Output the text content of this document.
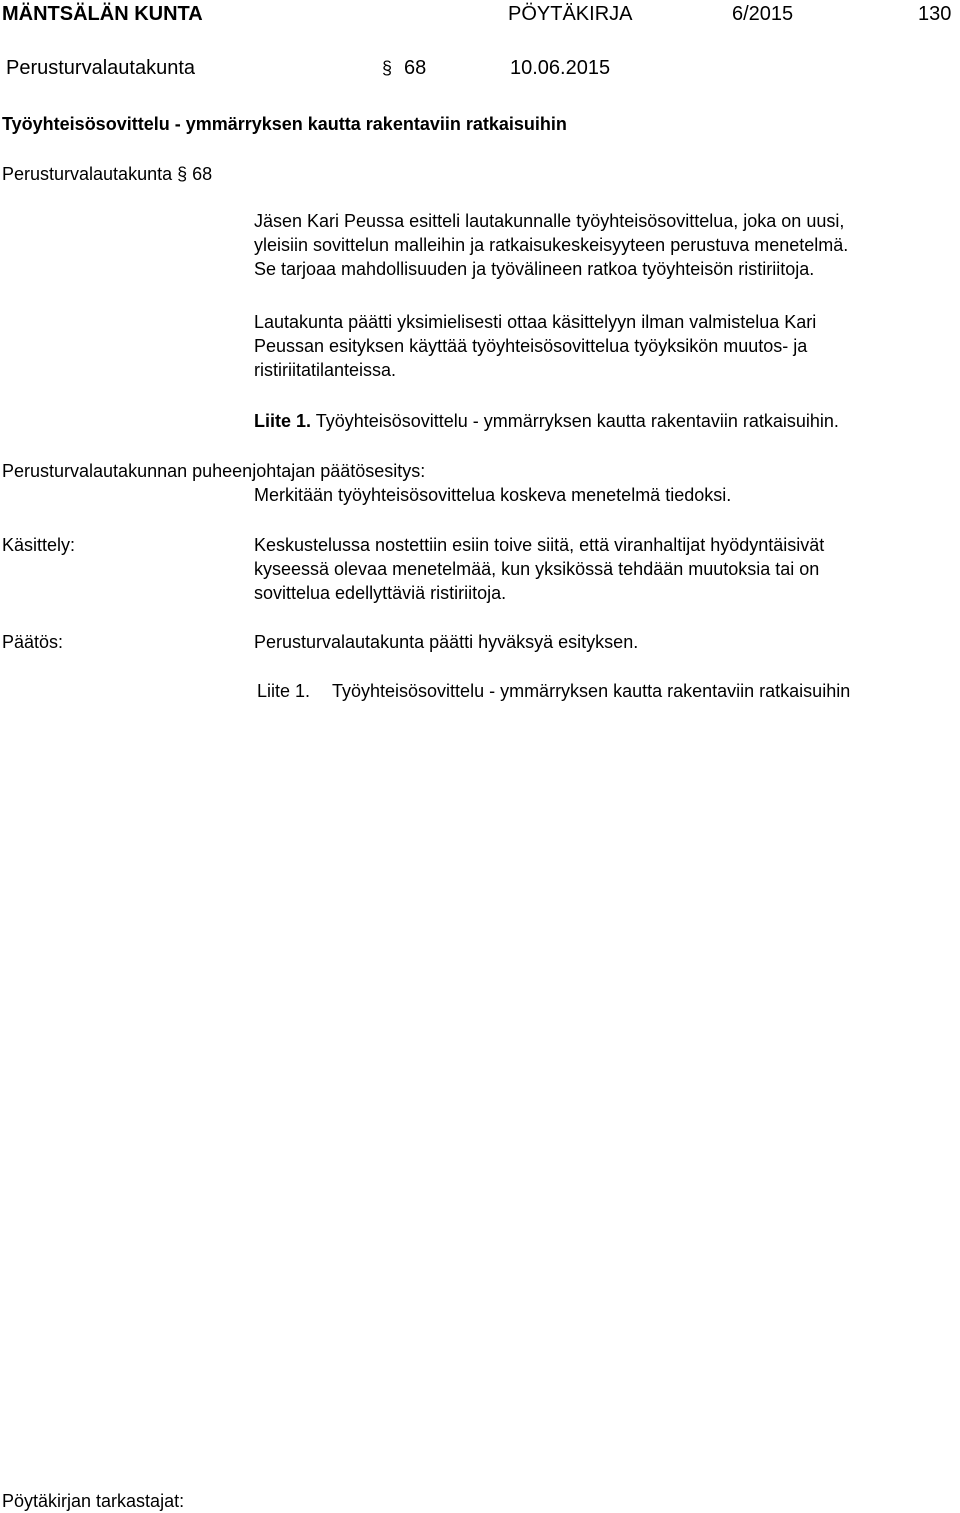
MÄNTSÄLÄN KUNTA	PÖYTÄKIRJA	6/2015	130
Perusturvalautakunta	§ 68	10.06.2015
Työyhteisösovittelu - ymmärryksen kautta rakentaviin ratkaisuihin
Perusturvalautakunta § 68
Jäsen Kari Peussa esitteli lautakunnalle työyhteisösovittelua, joka on uusi,
yleisiin sovittelun malleihin ja ratkaisukeskeisyyteen perustuva menetelmä.
Se tarjoaa mahdollisuuden ja työvälineen ratkoa työyhteisön ristiriitoja.
Lautakunta päätti yksimielisesti ottaa käsittelyyn ilman valmistelua Kari
Peussan esityksen käyttää työyhteisösovittelua työyksikön muutos- ja
ristiriitatilanteissa.
Liite 1. Työyhteisösovittelu - ymmärryksen kautta rakentaviin ratkaisuihin.
Perusturvalautakunnan puheenjohtajan päätösesitys:
Merkitään työyhteisösovittelua koskeva menetelmä tiedoksi.
Käsittely:	Keskustelussa nostettiin esiin toive siitä, että viranhaltijat hyödyntäisivät
kyseessä olevaa menetelmää, kun yksikössä tehdään muutoksia tai on
sovittelua edellyttäviä ristiriitoja.
Päätös:	Perusturvalautakunta päätti hyväksyä esityksen.
Liite 1. Työyhteisösovittelu - ymmärryksen kautta rakentaviin ratkaisuihin
Pöytäkirjan tarkastajat:
